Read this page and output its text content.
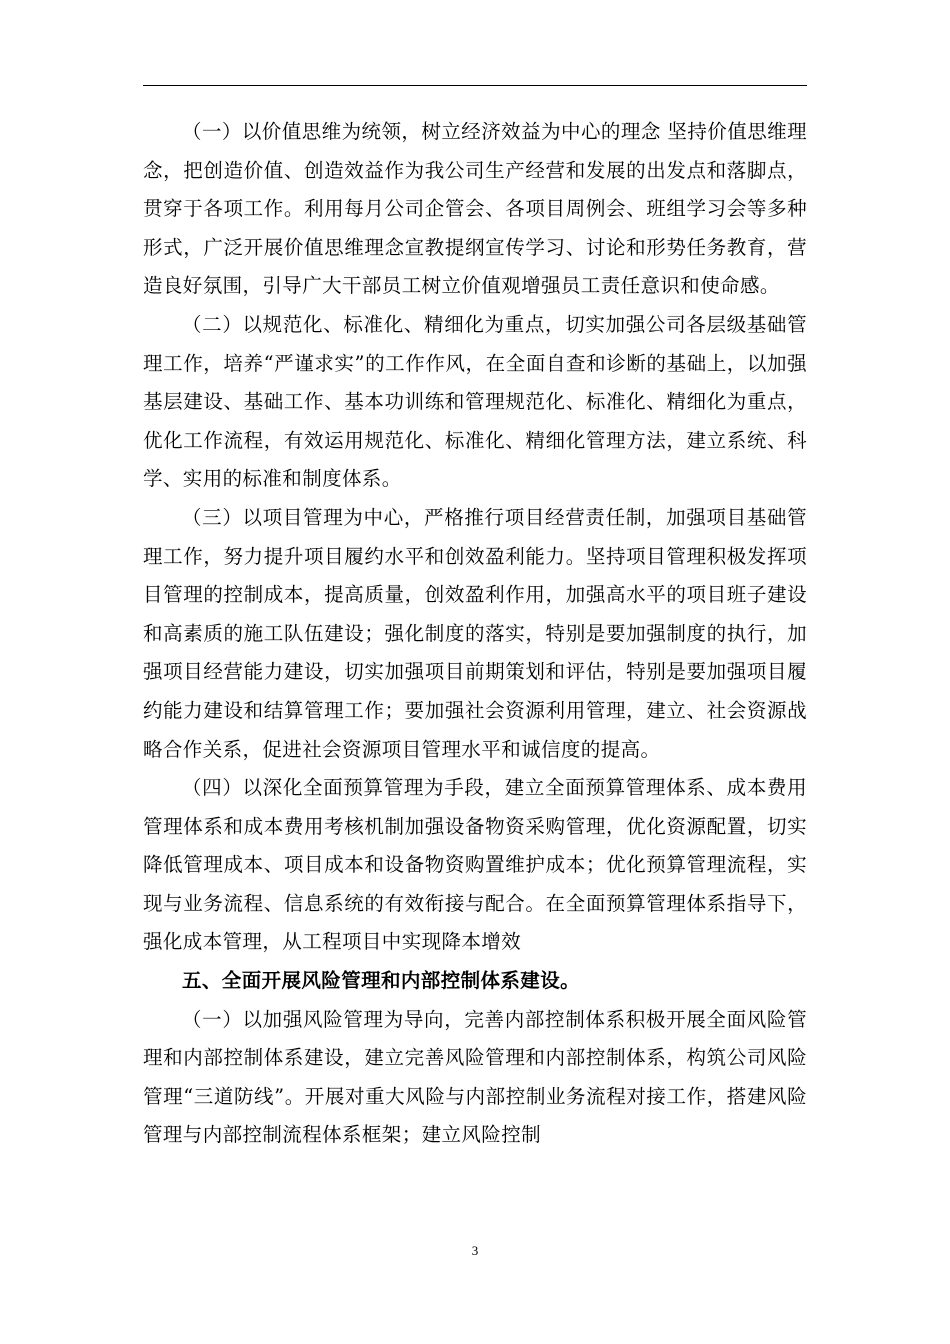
（一）以价值思维为统领，树立经济效益为中心的理念 坚持价值思维理念，把创造价值、创造效益作为我公司生产经营和发展的出发点和落脚点，贯穿于各项工作。利用每月公司企管会、各项目周例会、班组学习会等多种形式，广泛开展价值思维理念宣教提纲宣传学习、讨论和形势任务教育，营造良好氛围，引导广大干部员工树立价值观增强员工责任意识和使命感。

（二）以规范化、标准化、精细化为重点，切实加强公司各层级基础管理工作，培养“严谨求实”的工作作风，在全面自查和诊断的基础上，以加强基层建设、基础工作、基本功训练和管理规范化、标准化、精细化为重点，优化工作流程，有效运用规范化、标准化、精细化管理方法，建立系统、科学、实用的标准和制度体系。

（三）以项目管理为中心，严格推行项目经营责任制，加强项目基础管理工作，努力提升项目履约水平和创效盈利能力。坚持项目管理积极发挥项目管理的控制成本，提高质量，创效盈利作用，加强高水平的项目班子建设和高素质的施工队伍建设；强化制度的落实，特别是要加强制度的执行，加强项目经营能力建设，切实加强项目前期策划和评估，特别是要加强项目履约能力建设和结算管理工作；要加强社会资源利用管理，建立、社会资源战略合作关系，促进社会资源项目管理水平和诚信度的提高。

（四）以深化全面预算管理为手段，建立全面预算管理体系、成本费用管理体系和成本费用考核机制加强设备物资采购管理，优化资源配置，切实降低管理成本、项目成本和设备物资购置维护成本；优化预算管理流程，实现与业务流程、信息系统的有效衔接与配合。在全面预算管理体系指导下，强化成本管理，从工程项目中实现降本增效

五、全面开展风险管理和内部控制体系建设。

（一）以加强风险管理为导向，完善内部控制体系积极开展全面风险管理和内部控制体系建设，建立完善风险管理和内部控制体系，构筑公司风险管理“三道防线”。开展对重大风险与内部控制业务流程对接工作，搭建风险管理与内部控制流程体系框架；建立风险控制

3
